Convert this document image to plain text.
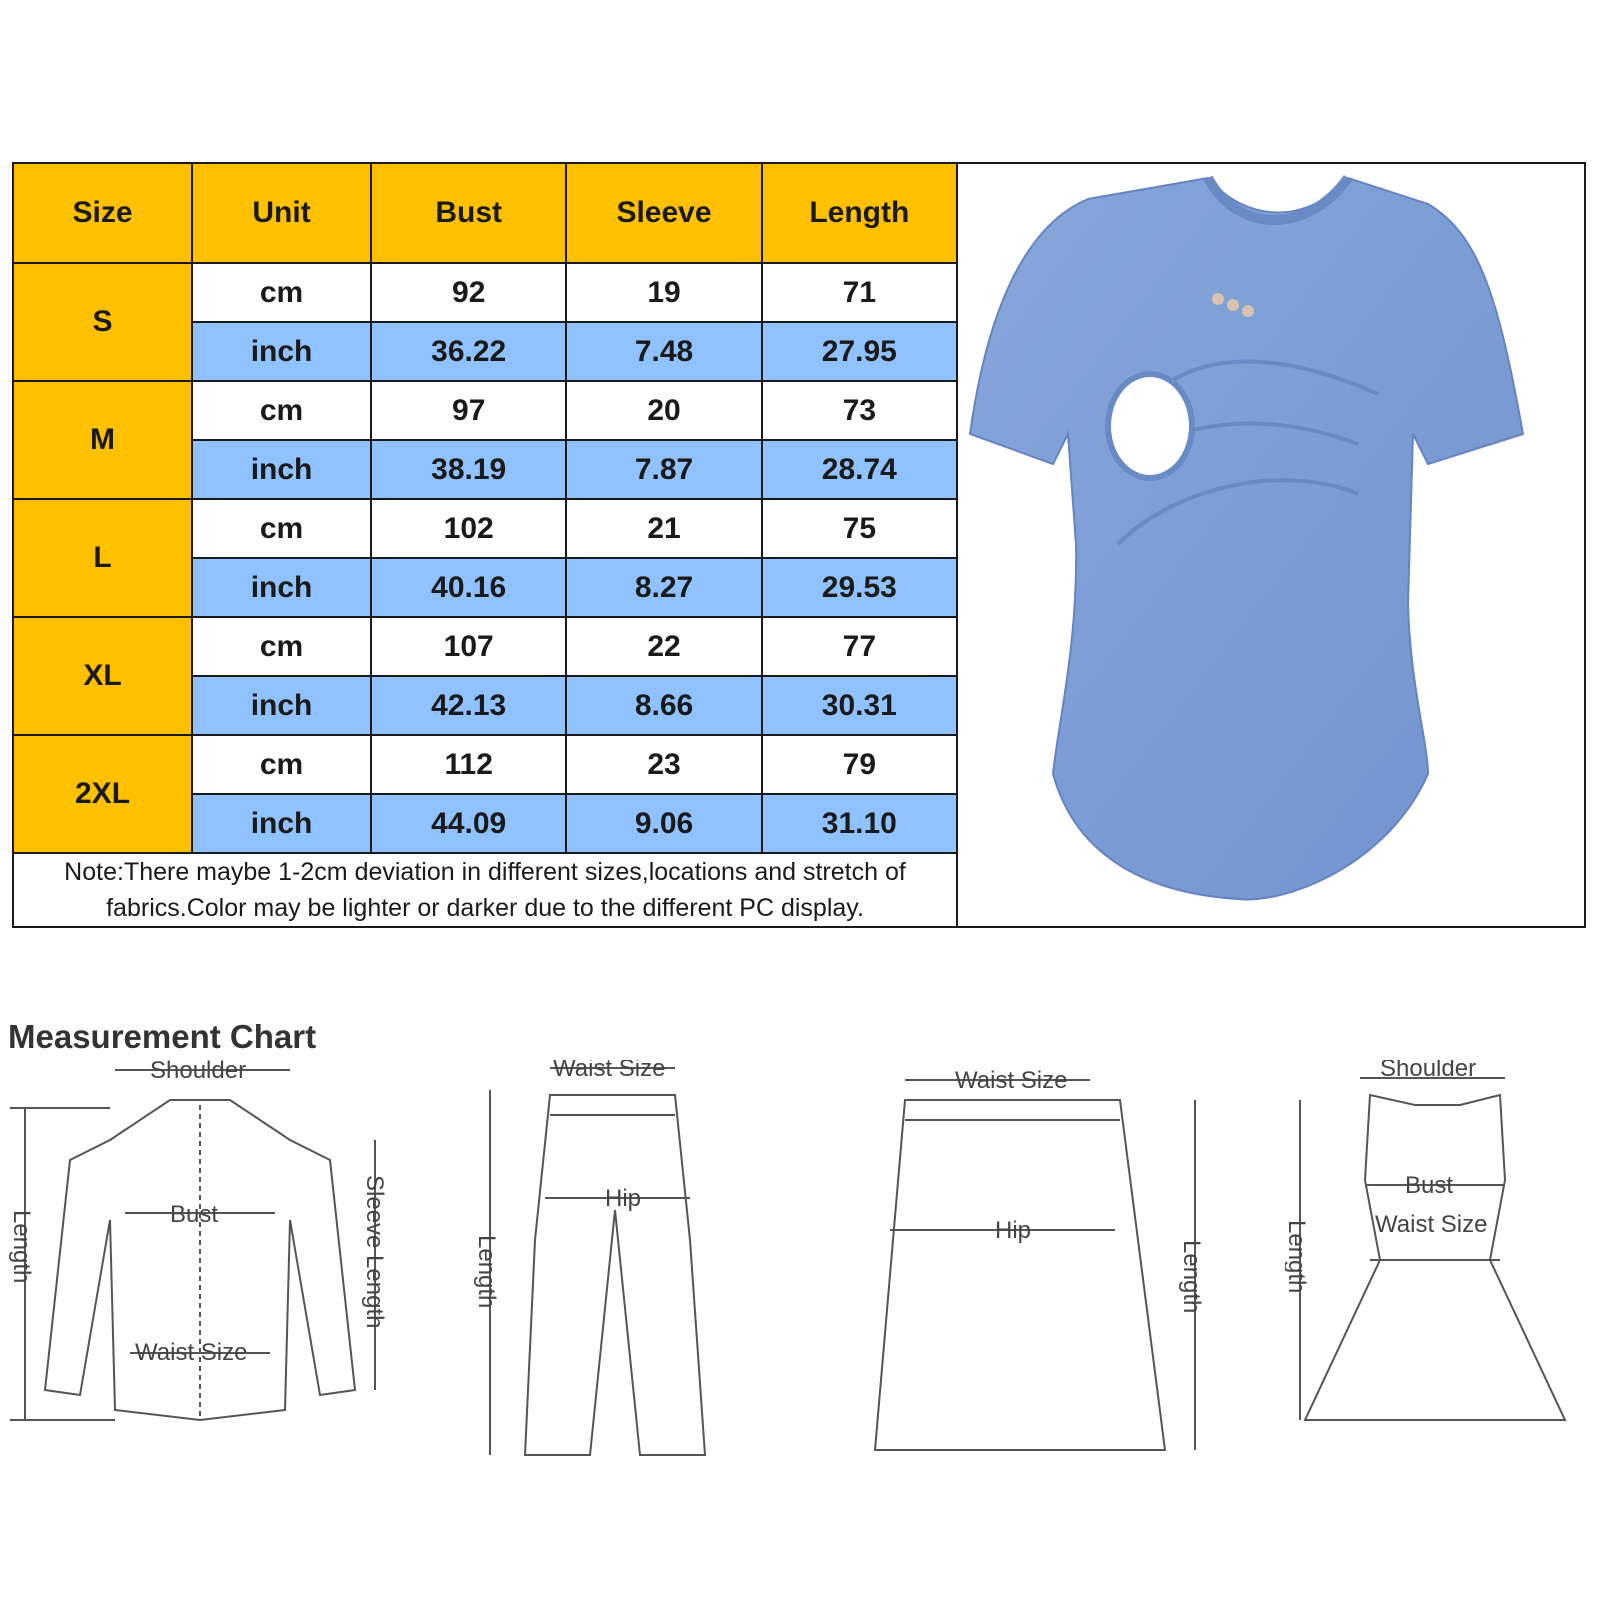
Size	Unit	Bust	Sleeve	Length
S	cm	92	19	71
	inch	36.22	7.48	27.95
M	cm	97	20	73
	inch	38.19	7.87	28.74
L	cm	102	21	75
	inch	40.16	8.27	29.53
XL	cm	107	22	77
	inch	42.13	8.66	30.31
2XL	cm	112	23	79
	inch	44.09	9.06	31.10
Note:There maybe 1-2cm deviation in different sizes,locations and stretch of fabrics.Color may be lighter or darker due to the different PC display.				
Measurement Chart
Shoulder
Bust
Waist Size
Length	Sleeve Length
Waist Size
Hip
Length
Waist Size
Hip
Length
Shoulder
Bust
Waist Size
Length
